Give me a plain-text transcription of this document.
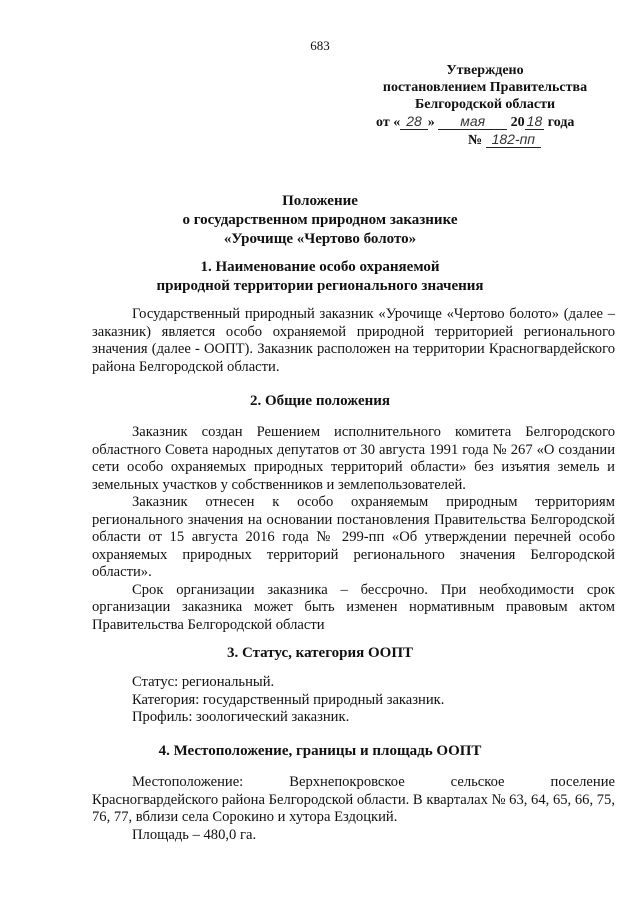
683
Утверждено
постановлением Правительства
Белгородской области
от « 28 » мая 20 18 года
№ 182-пп
Положение
о государственном природном заказнике
«Урочище «Чертово болото»
1. Наименование особо охраняемой
природной территории регионального значения

Государственный природный заказник «Урочище «Чертово болото» (далее – заказник) является особо охраняемой природной территорией регионального значения (далее - ООПТ). Заказник расположен на территории Красногвардейского района Белгородской области.

2. Общие положения

Заказник создан Решением исполнительного комитета Белгородского областного Совета народных депутатов от 30 августа 1991 года № 267 «О создании сети особо охраняемых природных территорий области» без изъятия земель и земельных участков у собственников и землепользователей.

Заказник отнесен к особо охраняемым природным территориям регионального значения на основании постановления Правительства Белгородской области от 15 августа 2016 года № 299-пп «Об утверждении перечней особо охраняемых природных территорий регионального значения Белгородской области».

Срок организации заказника – бессрочно. При необходимости срок организации заказника может быть изменен нормативным правовым актом Правительства Белгородской области

3. Статус, категория ООПТ
Статус: региональный.
Категория: государственный природный заказник.
Профиль: зоологический заказник.
4. Местоположение, границы и площадь ООПТ

Местоположение: Верхнепокровское сельское поселение Красногвардейского района Белгородской области. В кварталах № 63, 64, 65, 66, 75, 76, 77, вблизи села Сорокино и хутора Ездоцкий.

Площадь – 480,0 га.
